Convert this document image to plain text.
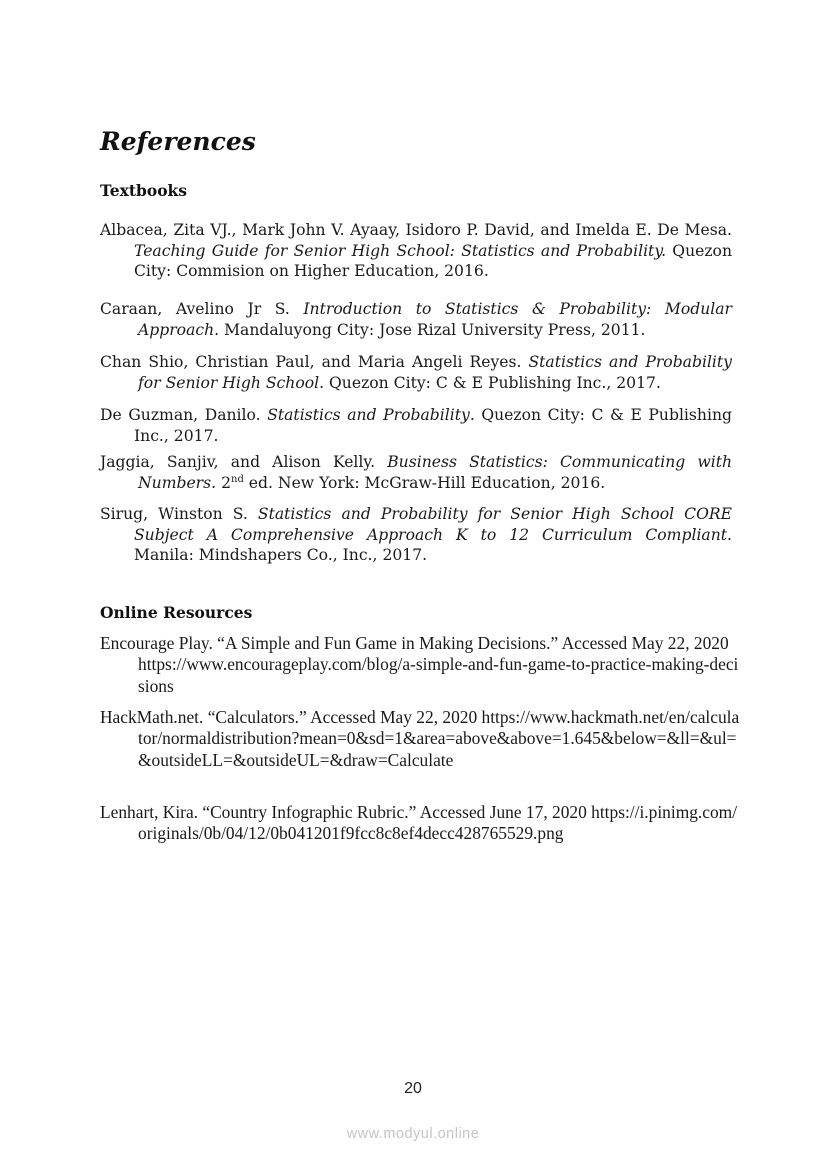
References
Textbooks
Albacea, Zita VJ., Mark John V. Ayaay, Isidoro P. David, and Imelda E. De Mesa. Teaching Guide for Senior High School: Statistics and Probability. Quezon City: Commision on Higher Education, 2016.
Caraan, Avelino Jr S. Introduction to Statistics & Probability: Modular Approach. Mandaluyong City: Jose Rizal University Press, 2011.
Chan Shio, Christian Paul, and Maria Angeli Reyes. Statistics and Probability for Senior High School. Quezon City: C & E Publishing Inc., 2017.
De Guzman, Danilo. Statistics and Probability. Quezon City: C & E Publishing Inc., 2017.
Jaggia, Sanjiv, and Alison Kelly. Business Statistics: Communicating with Numbers. 2nd ed. New York: McGraw-Hill Education, 2016.
Sirug, Winston S. Statistics and Probability for Senior High School CORE Subject A Comprehensive Approach K to 12 Curriculum Compliant. Manila: Mindshapers Co., Inc., 2017.
Online Resources
Encourage Play. “A Simple and Fun Game in Making Decisions.” Accessed May 22, 2020 https://www.encourageplay.com/blog/a-simple-and-fun-game-to-practice-making-decisions
HackMath.net. “Calculators.” Accessed May 22, 2020 https://www.hackmath.net/en/calculator/normaldistribution?mean=0&sd=1&area=above&above=1.645&below=&ll=&ul=&outsideLL=&outsideUL=&draw=Calculate
Lenhart, Kira. “Country Infographic Rubric.” Accessed June 17, 2020 https://i.pinimg.com/originals/0b/04/12/0b041201f9fcc8c8ef4decc428765529.png
20
www.modyul.online
